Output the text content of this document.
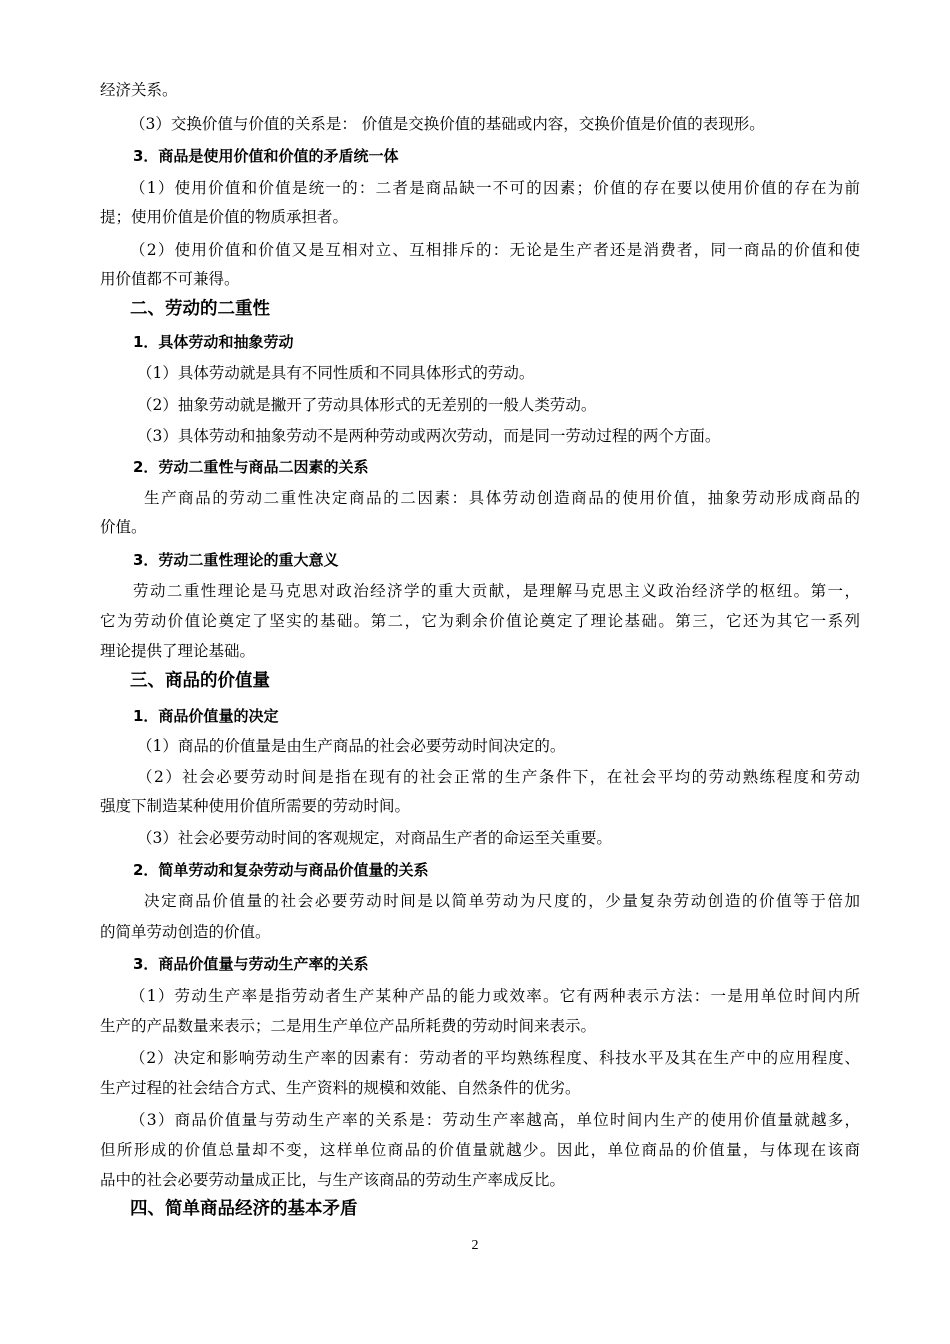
经济关系。
（3）交换价值与价值的关系是： 价值是交换价值的基础或内容，交换价值是价值的表现形。
3．商品是使用价值和价值的矛盾统一体
（1）使用价值和价值是统一的：二者是商品缺一不可的因素；价值的存在要以使用价值的存在为前
提；使用价值是价值的物质承担者。
（2）使用价值和价值又是互相对立、互相排斥的：无论是生产者还是消费者，同一商品的价值和使
用价值都不可兼得。
二、劳动的二重性
1．具体劳动和抽象劳动
（1）具体劳动就是具有不同性质和不同具体形式的劳动。
（2）抽象劳动就是撇开了劳动具体形式的无差别的一般人类劳动。
（3）具体劳动和抽象劳动不是两种劳动或两次劳动，而是同一劳动过程的两个方面。
2．劳动二重性与商品二因素的关系
生产商品的劳动二重性决定商品的二因素：具体劳动创造商品的使用价值，抽象劳动形成商品的
价值。
3．劳动二重性理论的重大意义
劳动二重性理论是马克思对政治经济学的重大贡献，是理解马克思主义政治经济学的枢纽。第一，
它为劳动价值论奠定了坚实的基础。第二，它为剩余价值论奠定了理论基础。第三，它还为其它一系列
理论提供了理论基础。
三、商品的价值量
1．商品价值量的决定
（1）商品的价值量是由生产商品的社会必要劳动时间决定的。
（2）社会必要劳动时间是指在现有的社会正常的生产条件下，在社会平均的劳动熟练程度和劳动
强度下制造某种使用价值所需要的劳动时间。
（3）社会必要劳动时间的客观规定，对商品生产者的命运至关重要。
2．简单劳动和复杂劳动与商品价值量的关系
决定商品价值量的社会必要劳动时间是以简单劳动为尺度的，少量复杂劳动创造的价值等于倍加
的简单劳动创造的价值。
3．商品价值量与劳动生产率的关系
（1）劳动生产率是指劳动者生产某种产品的能力或效率。它有两种表示方法：一是用单位时间内所
生产的产品数量来表示；二是用生产单位产品所耗费的劳动时间来表示。
（2）决定和影响劳动生产率的因素有：劳动者的平均熟练程度、科技水平及其在生产中的应用程度、
生产过程的社会结合方式、生产资料的规模和效能、自然条件的优劣。
（3）商品价值量与劳动生产率的关系是：劳动生产率越高，单位时间内生产的使用价值量就越多，
但所形成的价值总量却不变，这样单位商品的价值量就越少。因此，单位商品的价值量，与体现在该商
品中的社会必要劳动量成正比，与生产该商品的劳动生产率成反比。
四、简单商品经济的基本矛盾
2
